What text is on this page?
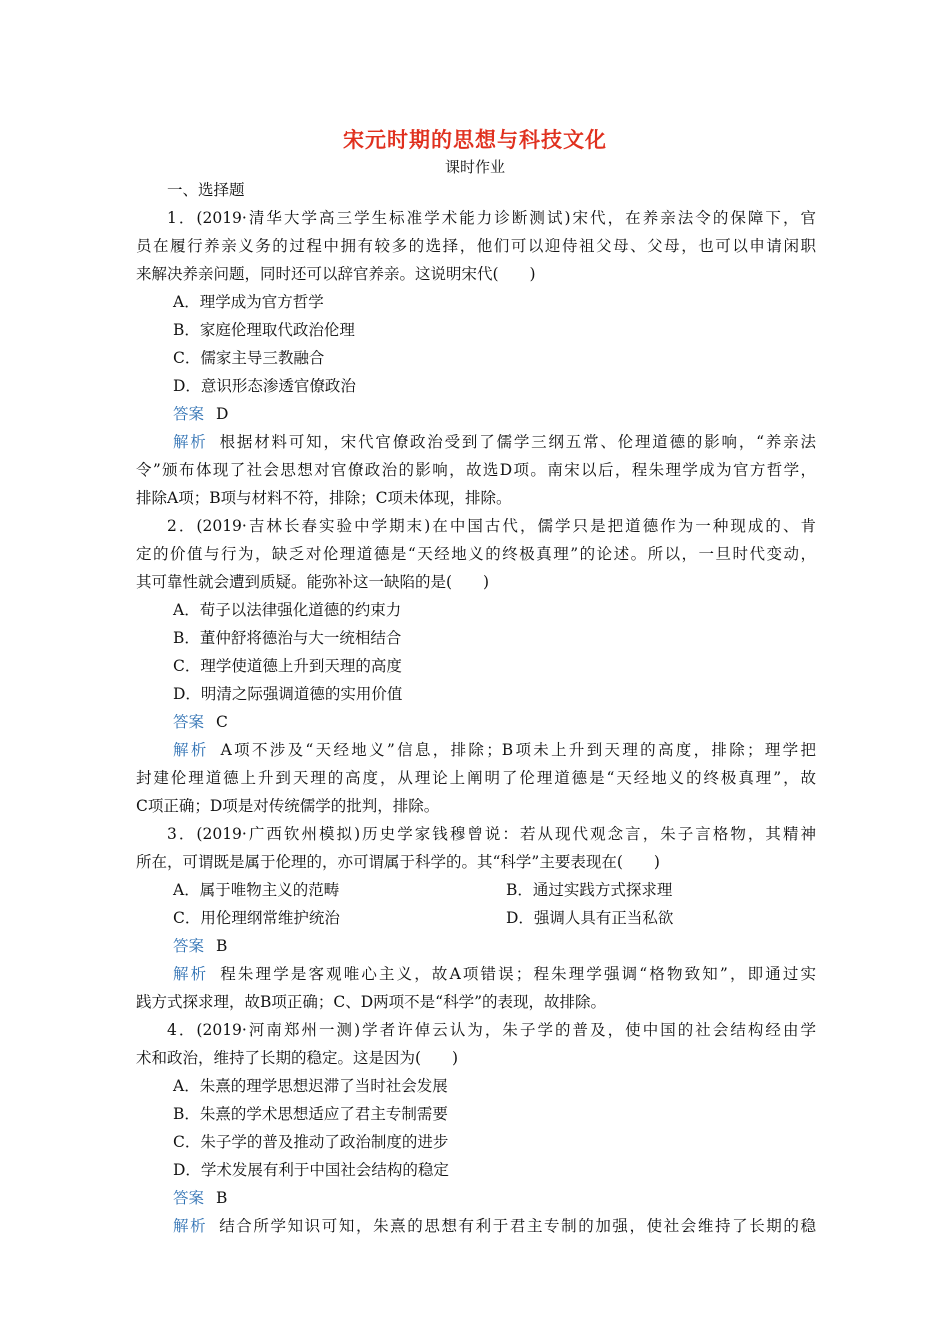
宋元时期的思想与科技文化
课时作业
一、选择题
1．(2019·清华大学高三学生标准学术能力诊断测试)宋代，在养亲法令的保障下，官
员在履行养亲义务的过程中拥有较多的选择，他们可以迎侍祖父母、父母，也可以申请闲职
来解决养亲问题，同时还可以辞官养亲。这说明宋代(　　)
A．理学成为官方哲学
B．家庭伦理取代政治伦理
C．儒家主导三教融合
D．意识形态渗透官僚政治
答案 D
解析 根据材料可知，宋代官僚政治受到了儒学三纲五常、伦理道德的影响，“养亲法
令”颁布体现了社会思想对官僚政治的影响，故选D项。南宋以后，程朱理学成为官方哲学，
排除A项；B项与材料不符，排除；C项未体现，排除。
2．(2019·吉林长春实验中学期末)在中国古代，儒学只是把道德作为一种现成的、肯
定的价值与行为，缺乏对伦理道德是“天经地义的终极真理”的论述。所以，一旦时代变动，
其可靠性就会遭到质疑。能弥补这一缺陷的是(　　)
A．荀子以法律强化道德的约束力
B．董仲舒将德治与大一统相结合
C．理学使道德上升到天理的高度
D．明清之际强调道德的实用价值
答案 C
解析 A项不涉及“天经地义”信息，排除；B项未上升到天理的高度，排除；理学把
封建伦理道德上升到天理的高度，从理论上阐明了伦理道德是“天经地义的终极真理”，故
C项正确；D项是对传统儒学的批判，排除。
3．(2019·广西钦州模拟)历史学家钱穆曾说：若从现代观念言，朱子言格物，其精神
所在，可谓既是属于伦理的，亦可谓属于科学的。其“科学”主要表现在(　　)
A．属于唯物主义的范畴	B．通过实践方式探求理
C．用伦理纲常维护统治	D．强调人具有正当私欲
答案 B
解析 程朱理学是客观唯心主义，故A项错误；程朱理学强调“格物致知”，即通过实
践方式探求理，故B项正确；C、D两项不是“科学”的表现，故排除。
4．(2019·河南郑州一测)学者许倬云认为，朱子学的普及，使中国的社会结构经由学
术和政治，维持了长期的稳定。这是因为(　　)
A．朱熹的理学思想迟滞了当时社会发展
B．朱熹的学术思想适应了君主专制需要
C．朱子学的普及推动了政治制度的进步
D．学术发展有利于中国社会结构的稳定
答案 B
解析 结合所学知识可知，朱熹的思想有利于君主专制的加强，使社会维持了长期的稳
